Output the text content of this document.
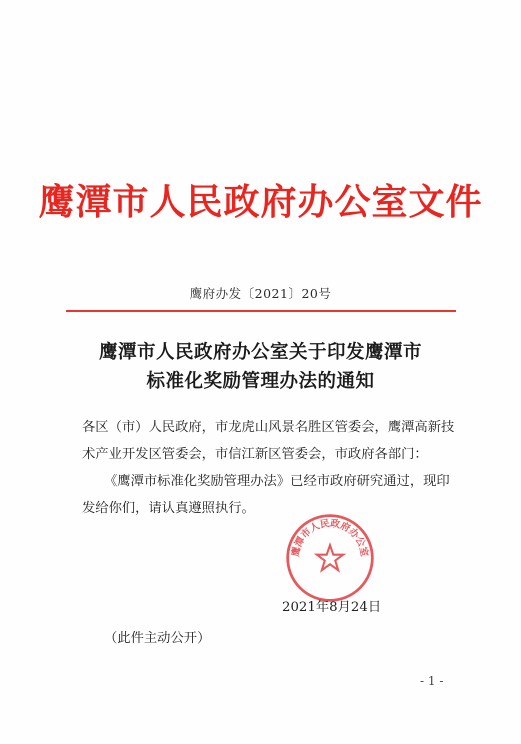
鹰潭市人民政府办公室文件
鹰府办发〔2021〕20号
鹰潭市人民政府办公室关于印发鹰潭市
标准化奖励管理办法的通知
各区（市）人民政府，市龙虎山风景名胜区管委会，鹰潭高新技
术产业开发区管委会，市信江新区管委会，市政府各部门：
《鹰潭市标准化奖励管理办法》已经市政府研究通过，现印
发给你们，请认真遵照执行。
鹰潭市人民政府办公室
2021年8月24日
（此件主动公开）
- 1 -
